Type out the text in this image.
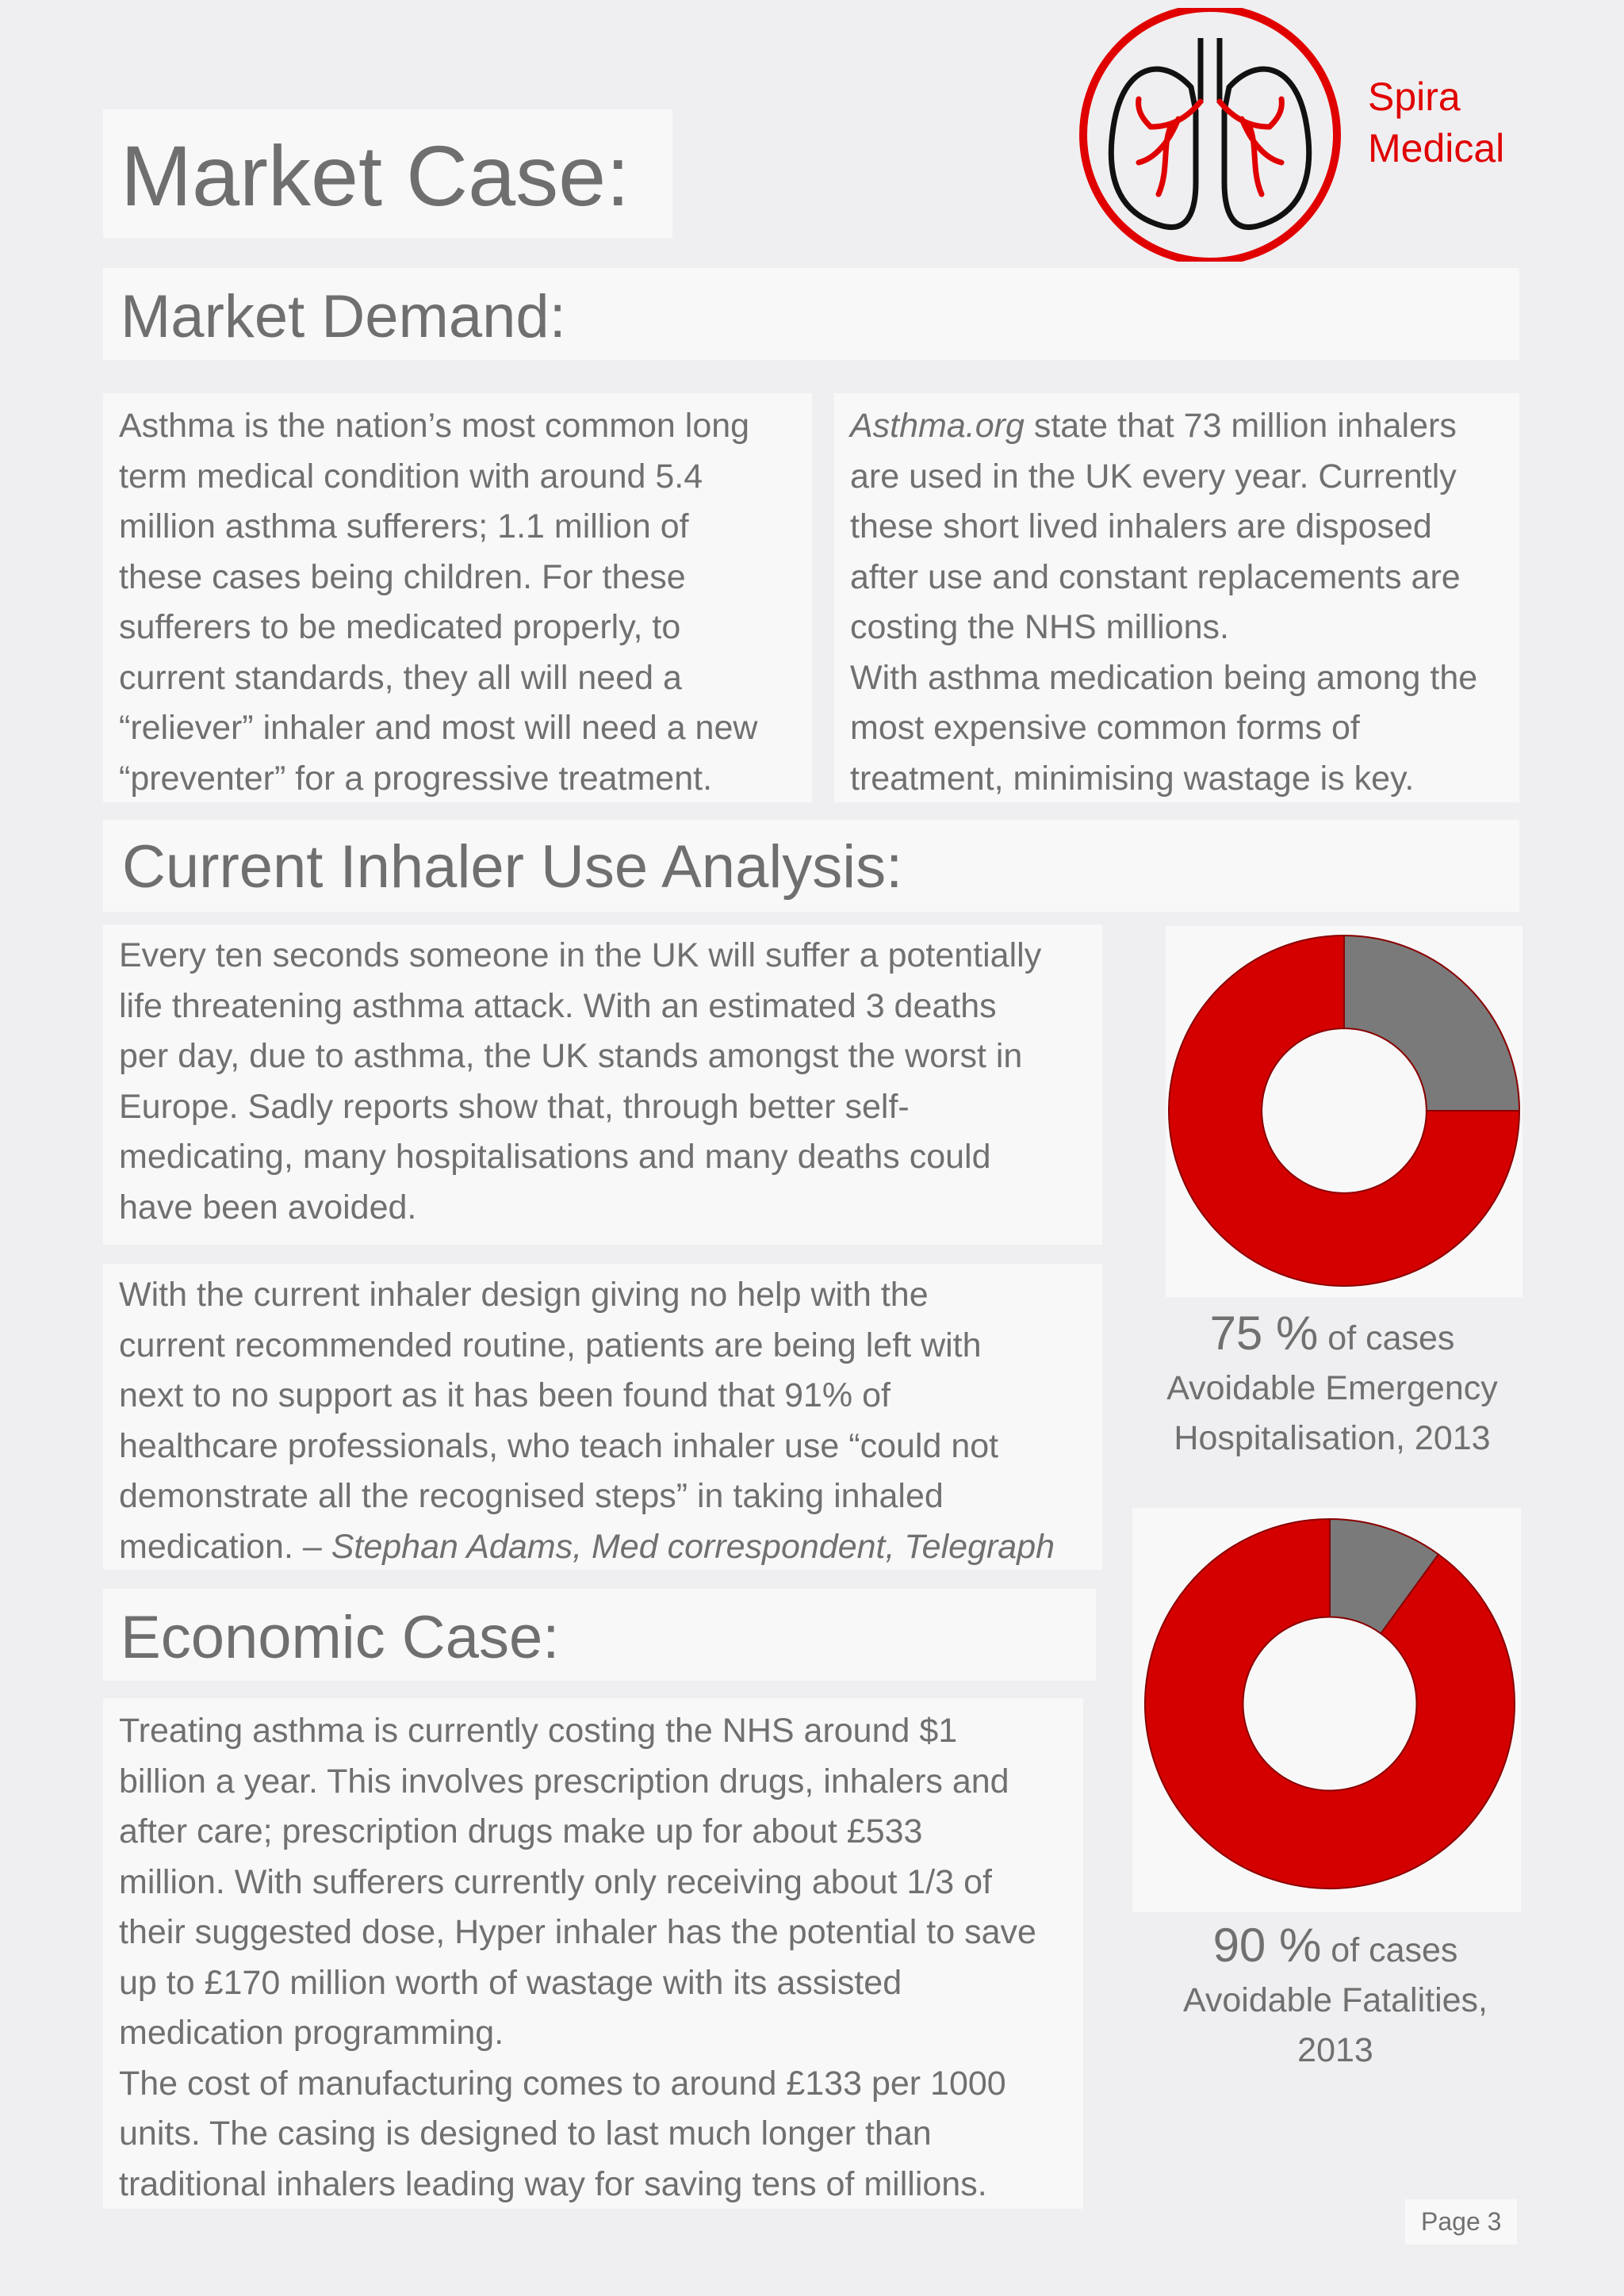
Market Case:
Spira
Medical
Market Demand:

Asthma is the nation’s most common long
term medical condition with around 5.4
million asthma sufferers; 1.1 million of
these cases being children. For these
sufferers to be medicated properly, to
current standards, they all will need a
“reliever” inhaler and most will need a new
“preventer” for a progressive treatment.

Asthma.org state that 73 million inhalers
are used in the UK every year. Currently
these short lived inhalers are disposed
after use and constant replacements are
costing the NHS millions.
With asthma medication being among the
most expensive common forms of
treatment, minimising wastage is key.

Current Inhaler Use Analysis:

Every ten seconds someone in the UK will suffer a potentially
life threatening asthma attack. With an estimated 3 deaths
per day, due to asthma, the UK stands amongst the worst in
Europe. Sadly reports show that, through better self-
medicating, many hospitalisations and many deaths could
have been avoided.

With the current inhaler design giving no help with the
current recommended routine, patients are being left with
next to no support as it has been found that 91% of
healthcare professionals, who teach inhaler use “could not
demonstrate all the recognised steps” in taking inhaled
medication. – Stephan Adams, Med correspondent, Telegraph

Economic Case:

Treating asthma is currently costing the NHS around $1
billion a year. This involves prescription drugs, inhalers and
after care; prescription drugs make up for about £533
million. With sufferers currently only receiving about 1/3 of
their suggested dose, Hyper inhaler has the potential to save
up to £170 million worth of wastage with its assisted
medication programming.
The cost of manufacturing comes to around £133 per 1000
units. The casing is designed to last much longer than
traditional inhalers leading way for saving tens of millions.

75 % of cases
Avoidable Emergency
Hospitalisation, 2013
90 % of cases
Avoidable Fatalities,
2013
Page 3
